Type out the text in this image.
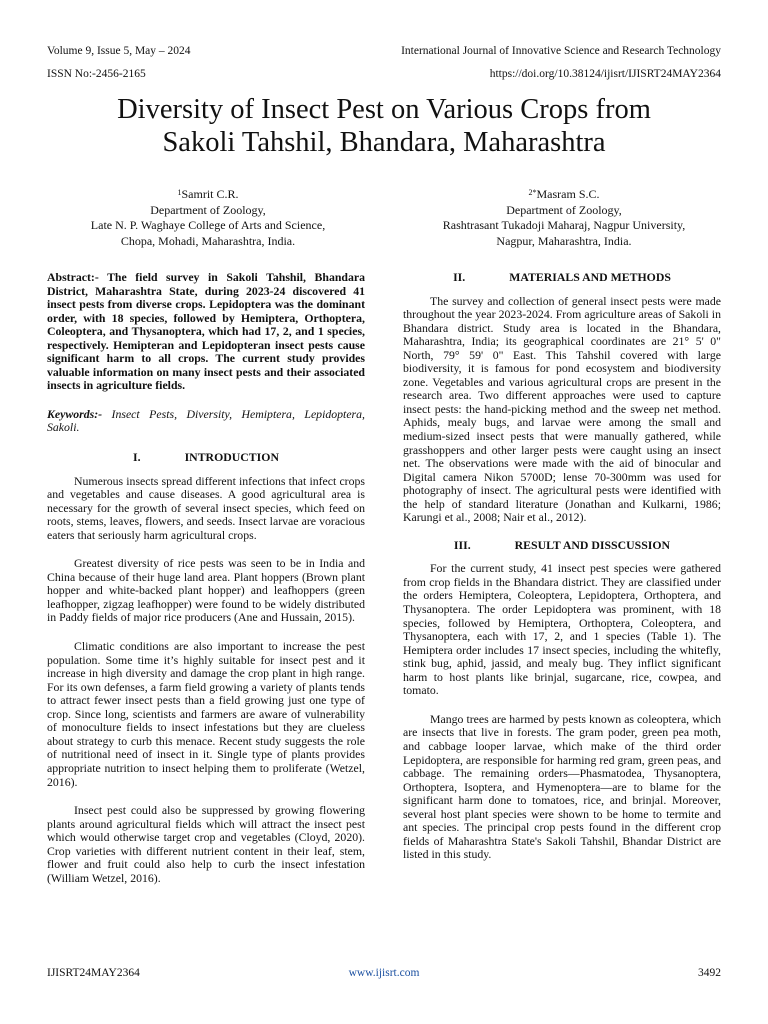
Volume 9, Issue 5, May – 2024	International Journal of Innovative Science and Research Technology
ISSN No:-2456-2165	https://doi.org/10.38124/ijisrt/IJISRT24MAY2364
Diversity of Insect Pest on Various Crops from
Sakoli Tahshil, Bhandara, Maharashtra
$^1$Samrit C.R.
Department of Zoology,
Late N. P. Waghaye College of Arts and Science,
Chopa, Mohadi, Maharashtra, India.
$^{2*}$Masram S.C.
Department of Zoology,
Rashtrasant Tukadoji Maharaj, Nagpur University,
Nagpur, Maharashtra, India.

Abstract:- The field survey in Sakoli Tahshil, Bhandara District, Maharashtra State, during 2023-24 discovered 41 insect pests from diverse crops. Lepidoptera was the dominant order, with 18 species, followed by Hemiptera, Orthoptera, Coleoptera, and Thysanoptera, which had 17, 2, and 1 species, respectively. Hemipteran and Lepidopteran insect pests cause significant harm to all crops. The current study provides valuable information on many insect pests and their associated insects in agriculture fields.

Keywords:- Insect Pests, Diversity, Hemiptera, Lepidoptera, Sakoli.

I.	INTRODUCTION

Numerous insects spread different infections that infect crops and vegetables and cause diseases. A good agricultural area is necessary for the growth of several insect species, which feed on roots, stems, leaves, flowers, and seeds. Insect larvae are voracious eaters that seriously harm agricultural crops.

Greatest diversity of rice pests was seen to be in India and China because of their huge land area. Plant hoppers (Brown plant hopper and white-backed plant hopper) and leafhoppers (green leafhopper, zigzag leafhopper) were found to be widely distributed in Paddy fields of major rice producers (Ane and Hussain, 2015).

Climatic conditions are also important to increase the pest population. Some time it’s highly suitable for insect pest and it increase in high diversity and damage the crop plant in high range. For its own defenses, a farm field growing a variety of plants tends to attract fewer insect pests than a field growing just one type of crop. Since long, scientists and farmers are aware of vulnerability of monoculture fields to insect infestations but they are clueless about strategy to curb this menace. Recent study suggests the role of nutritional need of insect in it. Single type of plants provides appropriate nutrition to insect helping them to proliferate (Wetzel, 2016).

Insect pest could also be suppressed by growing flowering plants around agricultural fields which will attract the insect pest which would otherwise target crop and vegetables (Cloyd, 2020). Crop varieties with different nutrient content in their leaf, stem, flower and fruit could also help to curb the insect infestation (William Wetzel, 2016).

II.	MATERIALS AND METHODS

The survey and collection of general insect pests were made throughout the year 2023-2024. From agriculture areas of Sakoli in Bhandara district. Study area is located in the Bhandara, Maharashtra, India; its geographical coordinates are 21° 5' 0" North, 79° 59' 0" East. This Tahshil covered with large biodiversity, it is famous for pond ecosystem and biodiversity zone. Vegetables and various agricultural crops are present in the research area. Two different approaches were used to capture insect pests: the hand-picking method and the sweep net method. Aphids, mealy bugs, and larvae were among the small and medium-sized insect pests that were manually gathered, while grasshoppers and other larger pests were caught using an insect net. The observations were made with the aid of binocular and Digital camera Nikon 5700D; lense 70-300mm was used for photography of insect. The agricultural pests were identified with the help of standard literature (Jonathan and Kulkarni, 1986; Karungi et al., 2008; Nair et al., 2012).

III.	RESULT AND DISSCUSSION

For the current study, 41 insect pest species were gathered from crop fields in the Bhandara district. They are classified under the orders Hemiptera, Coleoptera, Lepidoptera, Orthoptera, and Thysanoptera. The order Lepidoptera was prominent, with 18 species, followed by Hemiptera, Orthoptera, Coleoptera, and Thysanoptera, each with 17, 2, and 1 species (Table 1). The Hemiptera order includes 17 insect species, including the whitefly, stink bug, aphid, jassid, and mealy bug. They inflict significant harm to host plants like brinjal, sugarcane, rice, cowpea, and tomato.

Mango trees are harmed by pests known as coleoptera, which are insects that live in forests. The gram poder, green pea moth, and cabbage looper larvae, which make of the third order Lepidoptera, are responsible for harming red gram, green peas, and cabbage. The remaining orders—Phasmatodea, Thysanoptera, Orthoptera, Isoptera, and Hymenoptera—are to blame for the significant harm done to tomatoes, rice, and brinjal. Moreover, several host plant species were shown to be home to termite and ant species. The principal crop pests found in the different crop fields of Maharashtra State's Sakoli Tahshil, Bhandar District are listed in this study.

IJISRT24MAY2364	www.ijisrt.com	3492
